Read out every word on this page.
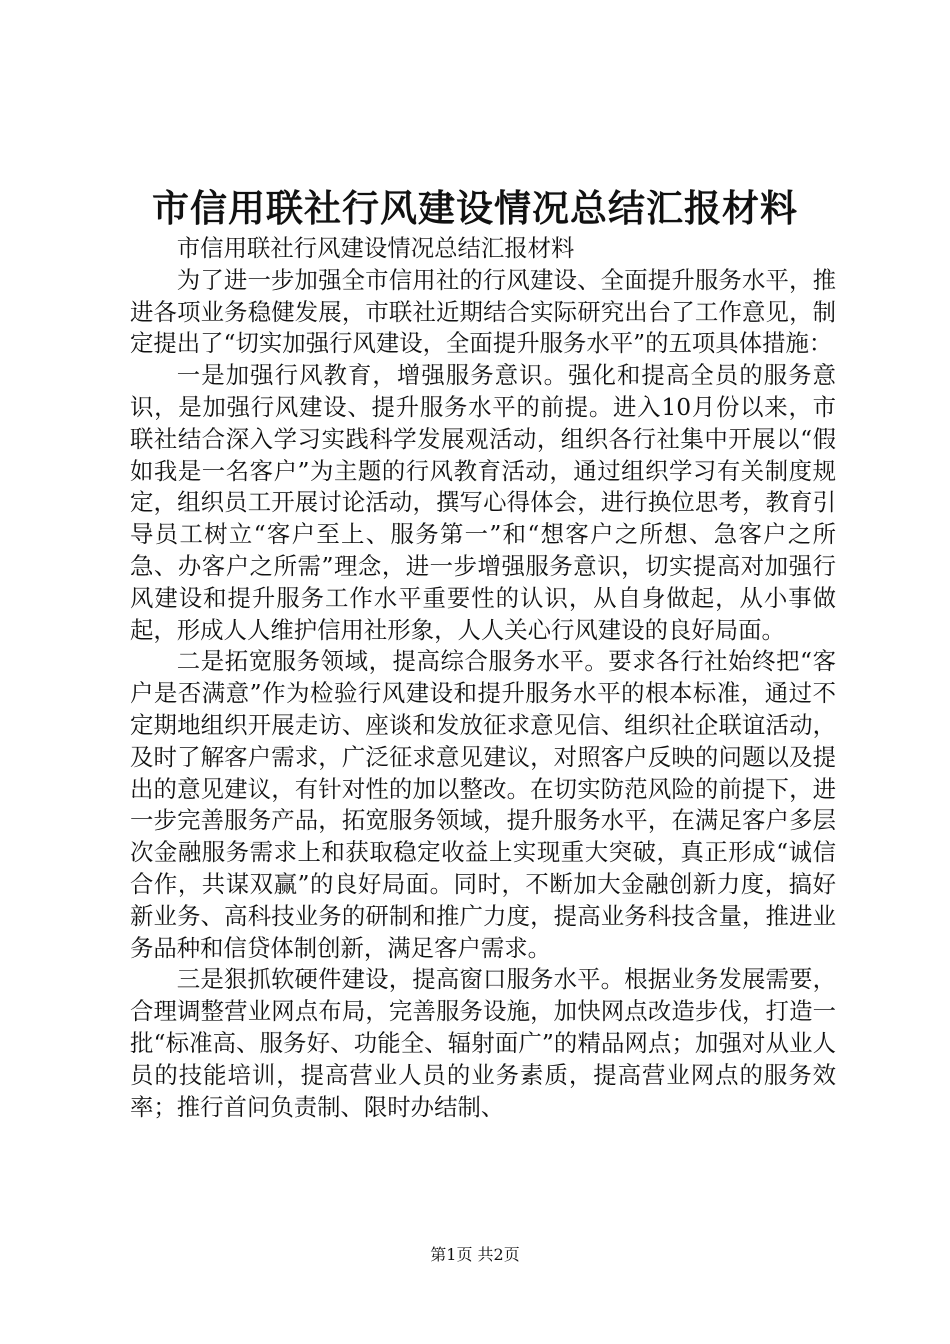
市信用联社行风建设情况总结汇报材料

市信用联社行风建设情况总结汇报材料

为了进一步加强全市信用社的行风建设、全面提升服务水平，推进各项业务稳健发展，市联社近期结合实际研究出台了工作意见，制定提出了“切实加强行风建设，全面提升服务水平”的五项具体措施：

一是加强行风教育，增强服务意识。强化和提高全员的服务意识，是加强行风建设、提升服务水平的前提。进入10月份以来，市联社结合深入学习实践科学发展观活动，组织各行社集中开展以“假如我是一名客户”为主题的行风教育活动，通过组织学习有关制度规定，组织员工开展讨论活动，撰写心得体会，进行换位思考，教育引导员工树立“客户至上、服务第一”和“想客户之所想、急客户之所急、办客户之所需”理念，进一步增强服务意识，切实提高对加强行风建设和提升服务工作水平重要性的认识，从自身做起，从小事做起，形成人人维护信用社形象，人人关心行风建设的良好局面。

二是拓宽服务领域，提高综合服务水平。要求各行社始终把“客户是否满意”作为检验行风建设和提升服务水平的根本标准，通过不定期地组织开展走访、座谈和发放征求意见信、组织社企联谊活动，及时了解客户需求，广泛征求意见建议，对照客户反映的问题以及提出的意见建议，有针对性的加以整改。在切实防范风险的前提下，进一步完善服务产品，拓宽服务领域，提升服务水平，在满足客户多层次金融服务需求上和获取稳定收益上实现重大突破，真正形成“诚信合作，共谋双赢”的良好局面。同时，不断加大金融创新力度，搞好新业务、高科技业务的研制和推广力度，提高业务科技含量，推进业务品种和信贷体制创新，满足客户需求。

三是狠抓软硬件建设，提高窗口服务水平。根据业务发展需要，合理调整营业网点布局，完善服务设施，加快网点改造步伐，打造一批“标准高、服务好、功能全、辐射面广”的精品网点；加强对从业人员的技能培训，提高营业人员的业务素质，提高营业网点的服务效率；推行首问负责制、限时办结制、

第1页 共2页
